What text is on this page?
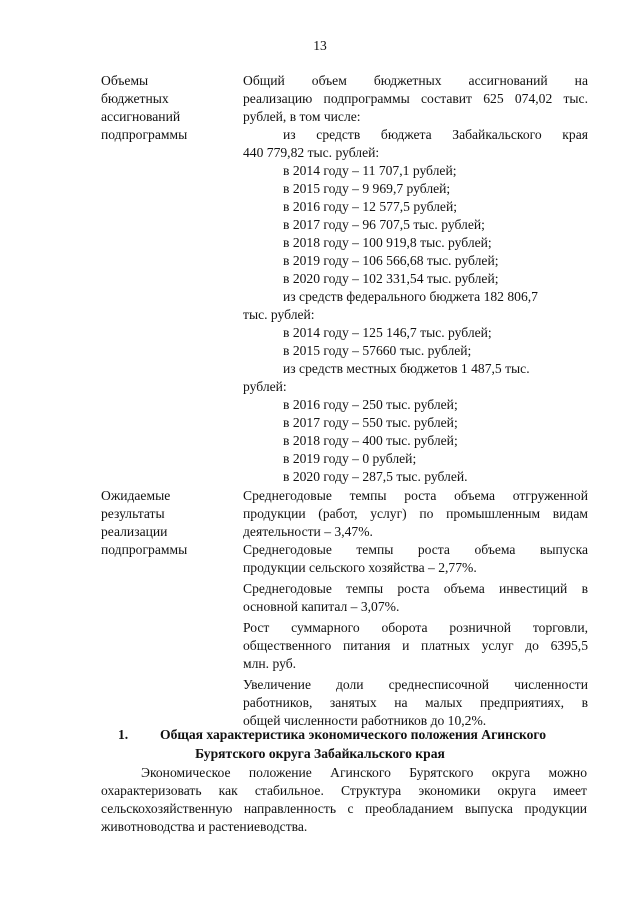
13
Объемы
бюджетных
ассигнований
подпрограммы
Общий объем бюджетных ассигнований на
реализацию подпрограммы составит 625 074,02 тыс.
рублей, в том числе:
из средств бюджета Забайкальского края
440 779,82 тыс. рублей:
в 2014 году – 11 707,1 рублей;
в 2015 году – 9 969,7 рублей;
в 2016 году – 12 577,5 рублей;
в 2017 году – 96 707,5 тыс. рублей;
в 2018 году – 100 919,8 тыс. рублей;
в 2019 году – 106 566,68 тыс. рублей;
в 2020 году – 102 331,54 тыс. рублей;
из средств федерального бюджета 182 806,7
тыс. рублей:
в 2014 году – 125 146,7 тыс. рублей;
в 2015 году – 57660 тыс. рублей;
из средств местных бюджетов 1 487,5 тыс.
рублей:
в 2016 году – 250 тыс. рублей;
в 2017 году – 550 тыс. рублей;
в 2018 году – 400 тыс. рублей;
в 2019 году – 0 рублей;
в 2020 году – 287,5 тыс. рублей.
Ожидаемые
результаты
реализации
подпрограммы
Среднегодовые темпы роста объема отгруженной
продукции (работ, услуг) по промышленным видам
деятельности – 3,47%.
Среднегодовые темпы роста объема выпуска
продукции сельского хозяйства – 2,77%.
Среднегодовые темпы роста объема инвестиций в
основной капитал – 3,07%.
Рост суммарного оборота розничной торговли,
общественного питания и платных услуг до 6395,5
млн. руб.
Увеличение доли среднесписочной численности
работников, занятых на малых предприятиях, в
общей численности работников до 10,2%.
1. Общая характеристика экономического положения Агинского
Бурятского округа Забайкальского края
Экономическое положение Агинского Бурятского округа можно
охарактеризовать как стабильное. Структура экономики округа имеет
сельскохозяйственную направленность с преобладанием выпуска продукции
животноводства и растениеводства.
